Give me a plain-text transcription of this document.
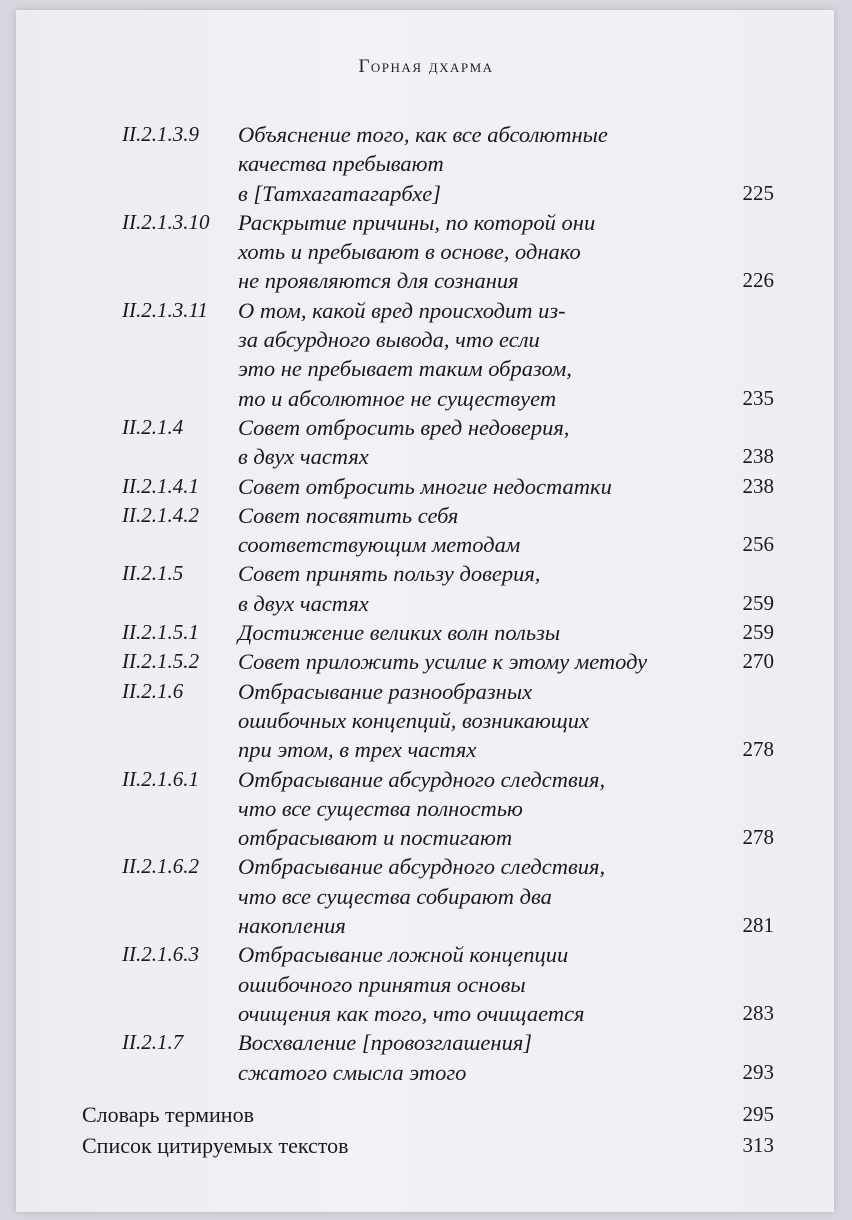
Горная дхарма
II.2.1.3.9	Объяснение того, как все абсолютные
качества пребывают
в [Татхагатагарбхе]	225
II.2.1.3.10	Раскрытие причины, по которой они
хоть и пребывают в основе, однако
не проявляются для сознания	226
II.2.1.3.11	О том, какой вред происходит из-
за абсурдного вывода, что если
это не пребывает таким образом,
то и абсолютное не существует	235
II.2.1.4	Совет отбросить вред недоверия,
в двух частях	238
II.2.1.4.1	Совет отбросить многие недостатки	238
II.2.1.4.2	Совет посвятить себя
соответствующим методам	256
II.2.1.5	Совет принять пользу доверия,
в двух частях	259
II.2.1.5.1	Достижение великих волн пользы	259
II.2.1.5.2	Совет приложить усилие к этому методу	270
II.2.1.6	Отбрасывание разнообразных
ошибочных концепций, возникающих
при этом, в трех частях	278
II.2.1.6.1	Отбрасывание абсурдного следствия,
что все существа полностью
отбрасывают и постигают	278
II.2.1.6.2	Отбрасывание абсурдного следствия,
что все существа собирают два
накопления	281
II.2.1.6.3	Отбрасывание ложной концепции
ошибочного принятия основы
очищения как того, что очищается	283
II.2.1.7	Восхваление [провозглашения]
сжатого смысла этого	293
Словарь терминов	295
Список цитируемых текстов	313
